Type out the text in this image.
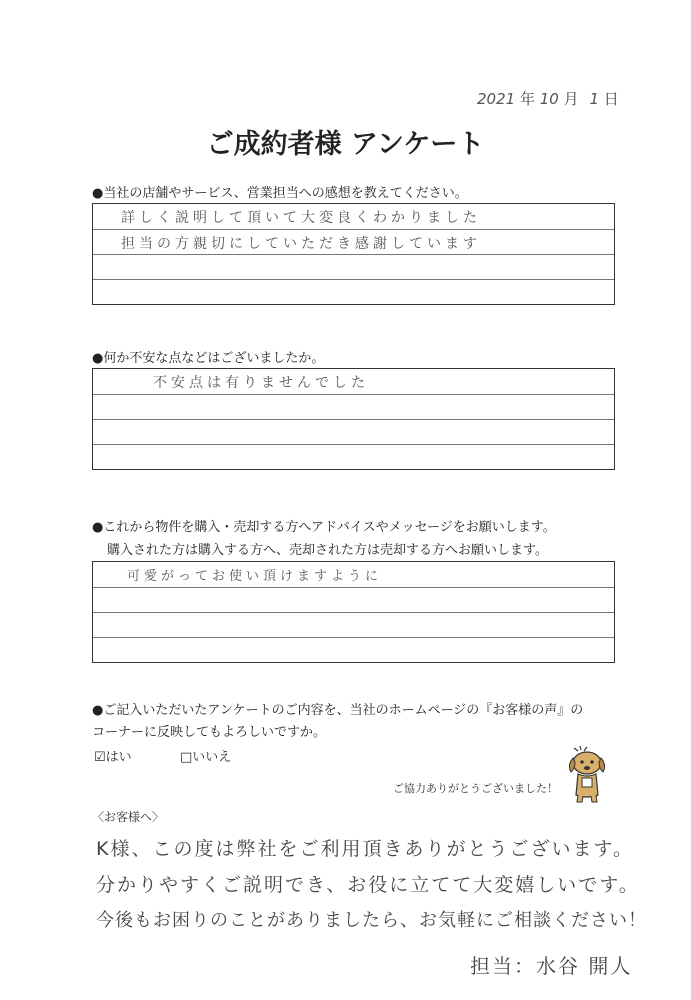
2021 年 10 月 1 日
ご成約者様 アンケート
●当社の店舗やサービス、営業担当への感想を教えてください。
詳しく説明して頂いて大変良くわかりました
担当の方親切にしていただき感謝しています
●何か不安な点などはございましたか。
不安点は有りませんでした
●これから物件を購入・売却する方へアドバイスやメッセージをお願いします。
購入された方は購入する方へ、売却された方は売却する方へお願いします。
可愛がってお使い頂けますように
●ご記入いただいたアンケートのご内容を、当社のホームページの『お客様の声』の
コーナーに反映してもよろしいですか。
☑はい	□いいえ
ご協力ありがとうございました！
〈お客様へ〉
K様、この度は弊社をご利用頂きありがとうございます。
分かりやすくご説明でき、お役に立てて大変嬉しいです。
今後もお困りのことがありましたら、お気軽にご相談ください！
担当：水谷 開人
